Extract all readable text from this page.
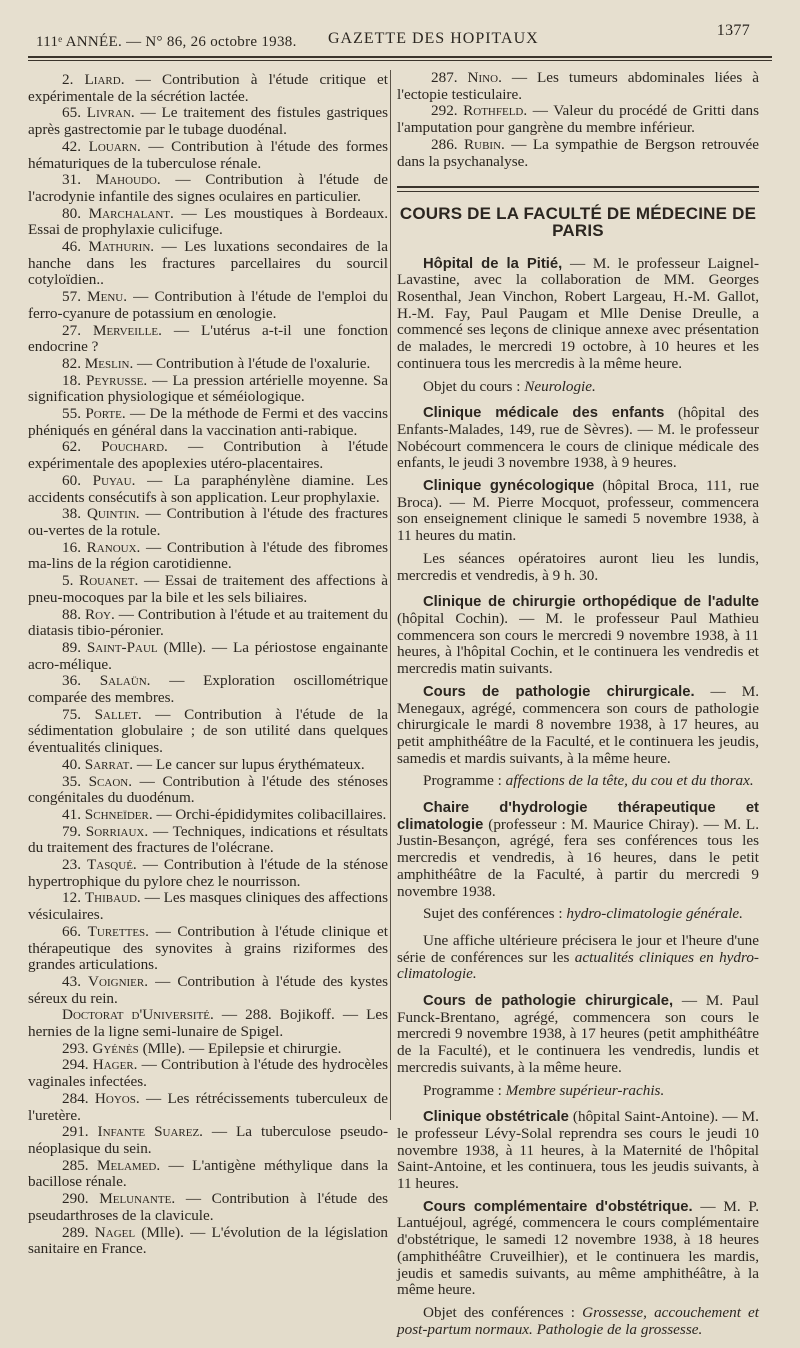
111ᵉ ANNÉE. — N° 86, 26 octobre 1938. GAZETTE DES HOPITAUX	1377

2. Liard. — Contribution à l'étude critique et expérimentale de la sécrétion lactée.

65. Livran. — Le traitement des fistules gastriques après gastrectomie par le tubage duodénal.

42. Louarn. — Contribution à l'étude des formes hématuriques de la tuberculose rénale.

31. Mahoudo. — Contribution à l'étude de l'acrodynie infantile des signes oculaires en particulier.

80. Marchalant. — Les moustiques à Bordeaux. Essai de prophylaxie culicifuge.

46. Mathurin. — Les luxations secondaires de la hanche dans les fractures parcellaires du sourcil cotyloïdien..

57. Menu. — Contribution à l'étude de l'emploi du ferro-cyanure de potassium en œnologie.

27. Merveille. — L'utérus a-t-il une fonction endocrine ?

82. Meslin. — Contribution à l'étude de l'oxalurie.

18. Peyrusse. — La pression artérielle moyenne. Sa signification physiologique et séméiologique.

55. Porte. — De la méthode de Fermi et des vaccins phéniqués en général dans la vaccination anti-rabique.

62. Pouchard. — Contribution à l'étude expérimentale des apoplexies utéro-placentaires.

60. Puyau. — La paraphénylène diamine. Les accidents consécutifs à son application. Leur prophylaxie.

38. Quintin. — Contribution à l'étude des fractures ou-vertes de la rotule.

16. Ranoux. — Contribution à l'étude des fibromes ma-lins de la région carotidienne.

5. Rouanet. — Essai de traitement des affections à pneu-mocoques par la bile et les sels biliaires.

88. Roy. — Contribution à l'étude et au traitement du diatasis tibio-péronier.

89. Saint-Paul (Mlle). — La périostose engainante acro-mélique.

36. Salaün. — Exploration oscillométrique comparée des membres.

75. Sallet. — Contribution à l'étude de la sédimentation globulaire ; de son utilité dans quelques éventualités cliniques.

40. Sarrat. — Le cancer sur lupus érythémateux.

35. Scaon. — Contribution à l'étude des sténoses congénitales du duodénum.

41. Schneïder. — Orchi-épididymites colibacillaires.

79. Sorriaux. — Techniques, indications et résultats du traitement des fractures de l'olécrane.

23. Tasqué. — Contribution à l'étude de la sténose hypertrophique du pylore chez le nourrisson.

12. Thibaud. — Les masques cliniques des affections vésiculaires.

66. Turettes. — Contribution à l'étude clinique et thérapeutique des synovites à grains riziformes des grandes articulations.

43. Voignier. — Contribution à l'étude des kystes séreux du rein.

Doctorat d'Université. — 288. Bojikoff. — Les hernies de la ligne semi-lunaire de Spigel.

293. Gyénès (Mlle). — Epilepsie et chirurgie.

294. Hager. — Contribution à l'étude des hydrocèles vaginales infectées.

284. Hoyos. — Les rétrécissements tuberculeux de l'uretère.

291. Infante Suarez. — La tuberculose pseudo-néoplasique du sein.

285. Melamed. — L'antigène méthylique dans la bacillose rénale.

290. Melunante. — Contribution à l'étude des pseudarthroses de la clavicule.

289. Nagel (Mlle). — L'évolution de la législation sanitaire en France.

287. Nino. — Les tumeurs abdominales liées à l'ectopie testiculaire.

292. Rothfeld. — Valeur du procédé de Gritti dans l'amputation pour gangrène du membre inférieur.

286. Rubin. — La sympathie de Bergson retrouvée dans la psychanalyse.

COURS DE LA FACULTÉ DE MÉDECINE DE PARIS

Hôpital de la Pitié, — M. le professeur Laignel-Lavastine, avec la collaboration de MM. Georges Rosenthal, Jean Vinchon, Robert Largeau, H.-M. Gallot, H.-M. Fay, Paul Paugam et Mlle Denise Dreulle, a commencé ses leçons de clinique annexe avec présentation de malades, le mercredi 19 octobre, à 10 heures et les continuera tous les mercredis à la même heure.

Objet du cours : Neurologie.

Clinique médicale des enfants (hôpital des Enfants-Malades, 149, rue de Sèvres). — M. le professeur Nobécourt commencera le cours de clinique médicale des enfants, le jeudi 3 novembre 1938, à 9 heures.

Clinique gynécologique (hôpital Broca, 111, rue Broca). — M. Pierre Mocquot, professeur, commencera son enseignement clinique le samedi 5 novembre 1938, à 11 heures du matin.

Les séances opératoires auront lieu les lundis, mercredis et vendredis, à 9 h. 30.

Clinique de chirurgie orthopédique de l'adulte (hôpital Cochin). — M. le professeur Paul Mathieu commencera son cours le mercredi 9 novembre 1938, à 11 heures, à l'hôpital Cochin, et le continuera les vendredis et mercredis matin suivants.

Cours de pathologie chirurgicale. — M. Menegaux, agrégé, commencera son cours de pathologie chirurgicale le mardi 8 novembre 1938, à 17 heures, au petit amphithéâtre de la Faculté, et le continuera les jeudis, samedis et mardis suivants, à la même heure.

Programme : affections de la tête, du cou et du thorax.

Chaire d'hydrologie thérapeutique et climatologie (professeur : M. Maurice Chiray). — M. L. Justin-Besançon, agrégé, fera ses conférences tous les mercredis et vendredis, à 16 heures, dans le petit amphithéâtre de la Faculté, à partir du mercredi 9 novembre 1938.

Sujet des conférences : hydro-climatologie générale.

Une affiche ultérieure précisera le jour et l'heure d'une série de conférences sur les actualités cliniques en hydro-climatologie.

Cours de pathologie chirurgicale, — M. Paul Funck-Brentano, agrégé, commencera son cours le mercredi 9 novembre 1938, à 17 heures (petit amphithéâtre de la Faculté), et le continuera les vendredis, lundis et mercredis suivants, à la même heure.

Programme : Membre supérieur-rachis.

Clinique obstétricale (hôpital Saint-Antoine). — M. le professeur Lévy-Solal reprendra ses cours le jeudi 10 novembre 1938, à 11 heures, à la Maternité de l'hôpital Saint-Antoine, et les continuera, tous les jeudis suivants, à 11 heures.

Cours complémentaire d'obstétrique. — M. P. Lantuéjoul, agrégé, commencera le cours complémentaire d'obstétrique, le samedi 12 novembre 1938, à 18 heures (amphithéâtre Cruveilhier), et le continuera les mardis, jeudis et samedis suivants, au même amphithéâtre, à la même heure.

Objet des conférences : Grossesse, accouchement et post-partum normaux. Pathologie de la grossesse.
